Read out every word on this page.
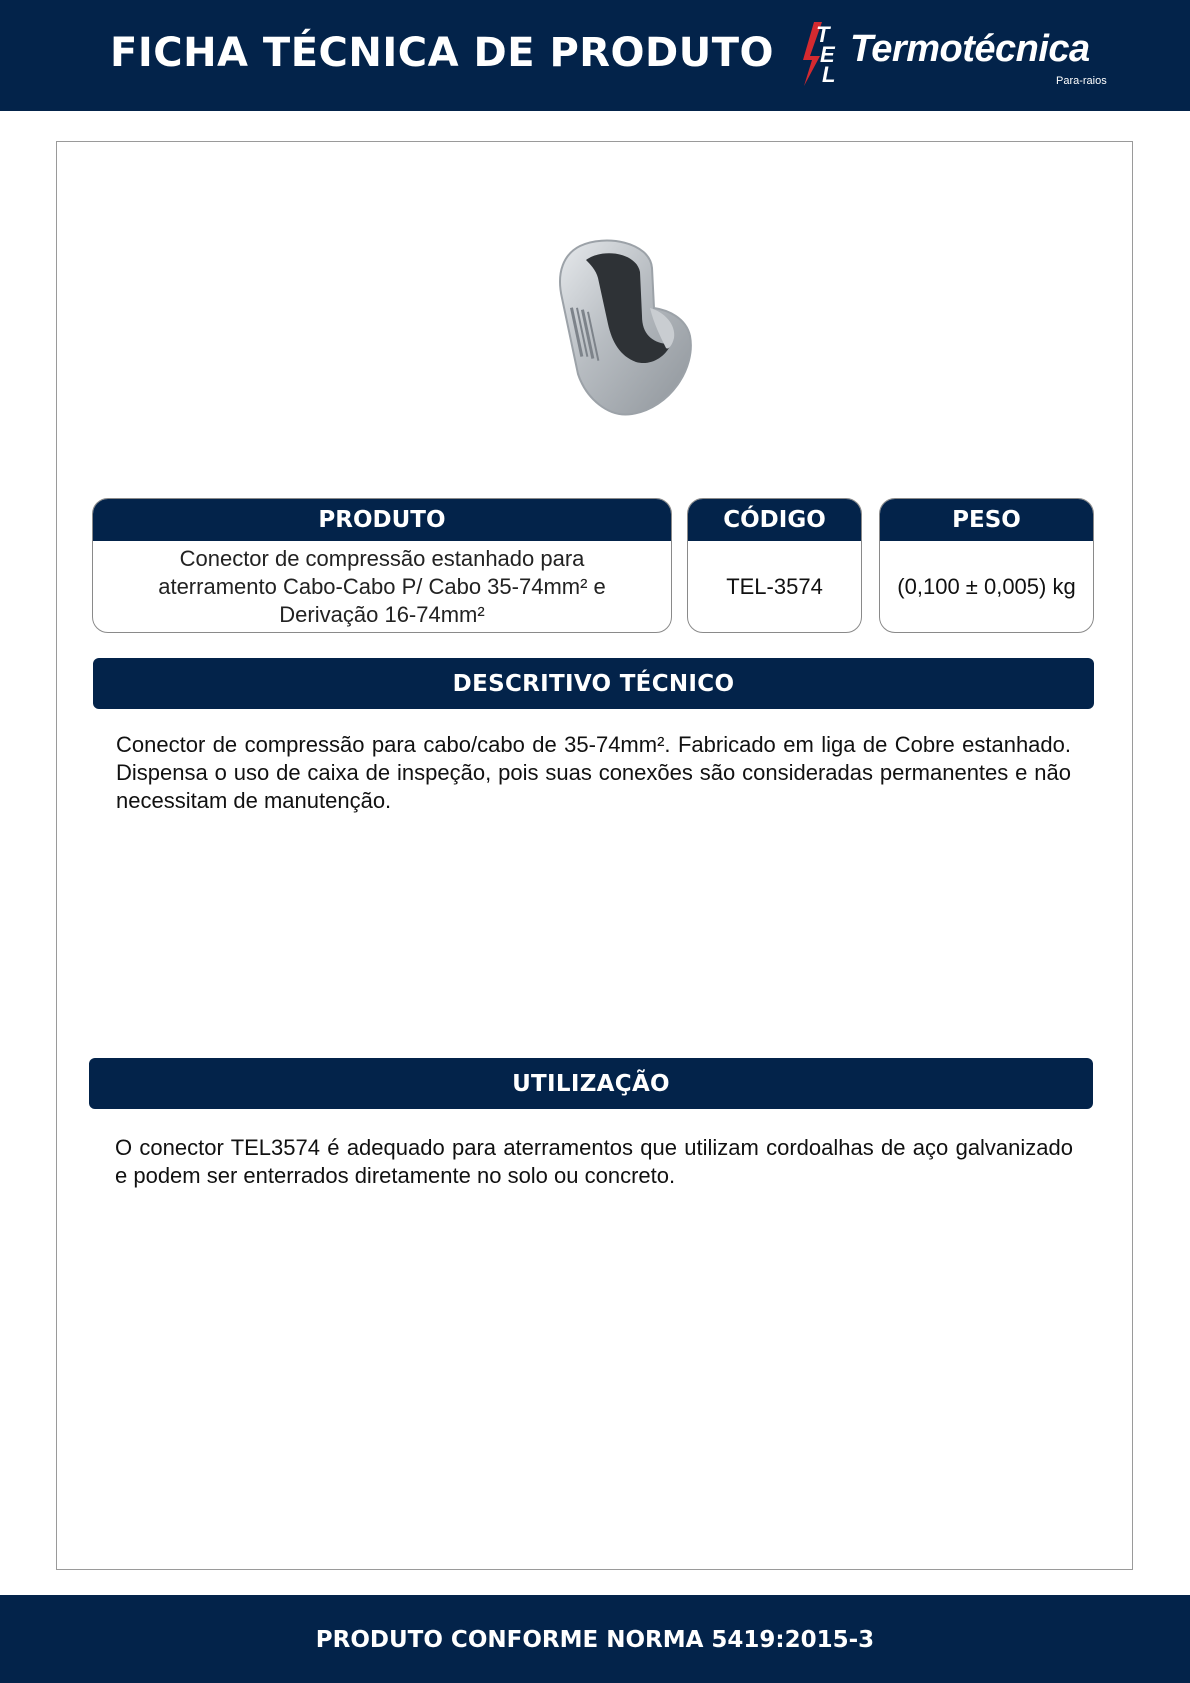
FICHA TÉCNICA DE PRODUTO T
E
L
Termotécnica
Para-raios
PRODUTO
Conector de compressão estanhado para aterramento Cabo-Cabo P/ Cabo 35-74mm² e Derivação 16-74mm²
CÓDIGO
TEL-3574
PESO
(0,100 ± 0,005) kg
DESCRITIVO TÉCNICO
Conector de compressão para cabo/cabo de 35-74mm². Fabricado em liga de Cobre estanhado. Dispensa o uso de caixa de inspeção, pois suas conexões são consideradas permanentes e não necessitam de manutenção.
UTILIZAÇÃO
O conector TEL3574 é adequado para aterramentos que utilizam cordoalhas de aço galvanizado e podem ser enterrados diretamente no solo ou concreto.
PRODUTO CONFORME NORMA 5419:2015-3
